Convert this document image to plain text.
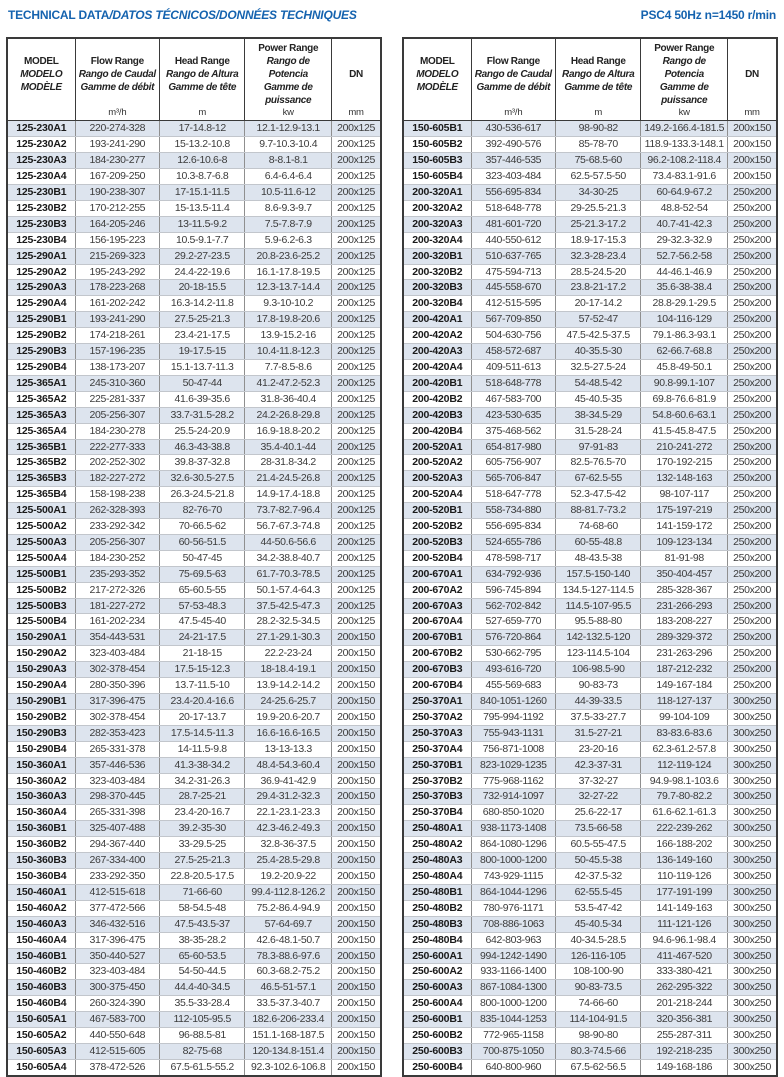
TECHNICAL DATA/DATOS TÉCNICOS/DONNÉES TECHNIQUES	PSC4 50Hz n=1450 r/min
MODEL
MODELO
MODÈLE

Flow Range
Rango de Caudal
Gamme de débit
m³/h

Head Range
Rango de Altura
Gamme de tête
m

Power Range
Rango de Potencia
Gamme de puissance
kw

DN
mm

125-230A1	220-274-328	17-14.8-12	12.1-12.9-13.1	200x125
125-230A2	193-241-290	15-13.2-10.8	9.7-10.3-10.4	200x125
125-230A3	184-230-277	12.6-10.6-8	8-8.1-8.1	200x125
125-230A4	167-209-250	10.3-8.7-6.8	6.4-6.4-6.4	200x125
125-230B1	190-238-307	17-15.1-11.5	10.5-11.6-12	200x125
125-230B2	170-212-255	15-13.5-11.4	8.6-9.3-9.7	200x125
125-230B3	164-205-246	13-11.5-9.2	7.5-7.8-7.9	200x125
125-230B4	156-195-223	10.5-9.1-7.7	5.9-6.2-6.3	200x125
125-290A1	215-269-323	29.2-27-23.5	20.8-23.6-25.2	200x125
125-290A2	195-243-292	24.4-22-19.6	16.1-17.8-19.5	200x125
125-290A3	178-223-268	20-18-15.5	12.3-13.7-14.4	200x125
125-290A4	161-202-242	16.3-14.2-11.8	9.3-10-10.2	200x125
125-290B1	193-241-290	27.5-25-21.3	17.8-19.8-20.6	200x125
125-290B2	174-218-261	23.4-21-17.5	13.9-15.2-16	200x125
125-290B3	157-196-235	19-17.5-15	10.4-11.8-12.3	200x125
125-290B4	138-173-207	15.1-13.7-11.3	7.7-8.5-8.6	200x125
125-365A1	245-310-360	50-47-44	41.2-47.2-52.3	200x125
125-365A2	225-281-337	41.6-39-35.6	31.8-36-40.4	200x125
125-365A3	205-256-307	33.7-31.5-28.2	24.2-26.8-29.8	200x125
125-365A4	184-230-278	25.5-24-20.9	16.9-18.8-20.2	200x125
125-365B1	222-277-333	46.3-43-38.8	35.4-40.1-44	200x125
125-365B2	202-252-302	39.8-37-32.8	28-31.8-34.2	200x125
125-365B3	182-227-272	32.6-30.5-27.5	21.4-24.5-26.8	200x125
125-365B4	158-198-238	26.3-24.5-21.8	14.9-17.4-18.8	200x125
125-500A1	262-328-393	82-76-70	73.7-82.7-96.4	200x125
125-500A2	233-292-342	70-66.5-62	56.7-67.3-74.8	200x125
125-500A3	205-256-307	60-56-51.5	44-50.6-56.6	200x125
125-500A4	184-230-252	50-47-45	34.2-38.8-40.7	200x125
125-500B1	235-293-352	75-69.5-63	61.7-70.3-78.5	200x125
125-500B2	217-272-326	65-60.5-55	50.1-57.4-64.3	200x125
125-500B3	181-227-272	57-53-48.3	37.5-42.5-47.3	200x125
125-500B4	161-202-234	47.5-45-40	28.2-32.5-34.5	200x125
150-290A1	354-443-531	24-21-17.5	27.1-29.1-30.3	200x150
150-290A2	323-403-484	21-18-15	22.2-23-24	200x150
150-290A3	302-378-454	17.5-15-12.3	18-18.4-19.1	200x150
150-290A4	280-350-396	13.7-11.5-10	13.9-14.2-14.2	200x150
150-290B1	317-396-475	23.4-20.4-16.6	24-25.6-25.7	200x150
150-290B2	302-378-454	20-17-13.7	19.9-20.6-20.7	200x150
150-290B3	282-353-423	17.5-14.5-11.3	16.6-16.6-16.5	200x150
150-290B4	265-331-378	14-11.5-9.8	13-13-13.3	200x150
150-360A1	357-446-536	41.3-38-34.2	48.4-54.3-60.4	200x150
150-360A2	323-403-484	34.2-31-26.3	36.9-41-42.9	200x150
150-360A3	298-370-445	28.7-25-21	29.4-31.2-32.3	200x150
150-360A4	265-331-398	23.4-20-16.7	22.1-23.1-23.3	200x150
150-360B1	325-407-488	39.2-35-30	42.3-46.2-49.3	200x150
150-360B2	294-367-440	33-29.5-25	32.8-36-37.5	200x150
150-360B3	267-334-400	27.5-25-21.3	25.4-28.5-29.8	200x150
150-360B4	233-292-350	22.8-20.5-17.5	19.2-20.9-22	200x150
150-460A1	412-515-618	71-66-60	99.4-112.8-126.2	200x150
150-460A2	377-472-566	58-54.5-48	75.2-86.4-94.9	200x150
150-460A3	346-432-516	47.5-43.5-37	57-64-69.7	200x150
150-460A4	317-396-475	38-35-28.2	42.6-48.1-50.7	200x150
150-460B1	350-440-527	65-60-53.5	78.3-88.6-97.6	200x150
150-460B2	323-403-484	54-50-44.5	60.3-68.2-75.2	200x150
150-460B3	300-375-450	44.4-40-34.5	46.5-51-57.1	200x150
150-460B4	260-324-390	35.5-33-28.4	33.5-37.3-40.7	200x150
150-605A1	467-583-700	112-105-95.5	182.6-206-233.4	200x150
150-605A2	440-550-648	96-88.5-81	151.1-168-187.5	200x150
150-605A3	412-515-605	82-75-68	120-134.8-151.4	200x150
150-605A4	378-472-526	67.5-61.5-55.2	92.3-102.6-106.8	200x150
MODEL
MODELO
MODÈLE

Flow Range
Rango de Caudal
Gamme de débit
m³/h

Head Range
Rango de Altura
Gamme de tête
m

Power Range
Rango de Potencia
Gamme de puissance
kw

DN
mm

150-605B1	430-536-617	98-90-82	149.2-166.4-181.5	200x150
150-605B2	392-490-576	85-78-70	118.9-133.3-148.1	200x150
150-605B3	357-446-535	75-68.5-60	96.2-108.2-118.4	200x150
150-605B4	323-403-484	62.5-57.5-50	73.4-83.1-91.6	200x150
200-320A1	556-695-834	34-30-25	60-64.9-67.2	250x200
200-320A2	518-648-778	29-25.5-21.3	48.8-52-54	250x200
200-320A3	481-601-720	25-21.3-17.2	40.7-41-42.3	250x200
200-320A4	440-550-612	18.9-17-15.3	29-32.3-32.9	250x200
200-320B1	510-637-765	32.3-28-23.4	52.7-56.2-58	250x200
200-320B2	475-594-713	28.5-24.5-20	44-46.1-46.9	250x200
200-320B3	445-558-670	23.8-21-17.2	35.6-38-38.4	250x200
200-320B4	412-515-595	20-17-14.2	28.8-29.1-29.5	250x200
200-420A1	567-709-850	57-52-47	104-116-129	250x200
200-420A2	504-630-756	47.5-42.5-37.5	79.1-86.3-93.1	250x200
200-420A3	458-572-687	40-35.5-30	62-66.7-68.8	250x200
200-420A4	409-511-613	32.5-27.5-24	45.8-49-50.1	250x200
200-420B1	518-648-778	54-48.5-42	90.8-99.1-107	250x200
200-420B2	467-583-700	45-40.5-35	69.8-76.6-81.9	250x200
200-420B3	423-530-635	38-34.5-29	54.8-60.6-63.1	250x200
200-420B4	375-468-562	31.5-28-24	41.5-45.8-47.5	250x200
200-520A1	654-817-980	97-91-83	210-241-272	250x200
200-520A2	605-756-907	82.5-76.5-70	170-192-215	250x200
200-520A3	565-706-847	67-62.5-55	132-148-163	250x200
200-520A4	518-647-778	52.3-47.5-42	98-107-117	250x200
200-520B1	558-734-880	88-81.7-73.2	175-197-219	250x200
200-520B2	556-695-834	74-68-60	141-159-172	250x200
200-520B3	524-655-786	60-55-48.8	109-123-134	250x200
200-520B4	478-598-717	48-43.5-38	81-91-98	250x200
200-670A1	634-792-936	157.5-150-140	350-404-457	250x200
200-670A2	596-745-894	134.5-127-114.5	285-328-367	250x200
200-670A3	562-702-842	114.5-107-95.5	231-266-293	250x200
200-670A4	527-659-770	95.5-88-80	183-208-227	250x200
200-670B1	576-720-864	142-132.5-120	289-329-372	250x200
200-670B2	530-662-795	123-114.5-104	231-263-296	250x200
200-670B3	493-616-720	106-98.5-90	187-212-232	250x200
200-670B4	455-569-683	90-83-73	149-167-184	250x200
250-370A1	840-1051-1260	44-39-33.5	118-127-137	300x250
250-370A2	795-994-1192	37.5-33-27.7	99-104-109	300x250
250-370A3	755-943-1131	31.5-27-21	83-83.6-83.6	300x250
250-370A4	756-871-1008	23-20-16	62.3-61.2-57.8	300x250
250-370B1	823-1029-1235	42.3-37-31	112-119-124	300x250
250-370B2	775-968-1162	37-32-27	94.9-98.1-103.6	300x250
250-370B3	732-914-1097	32-27-22	79.7-80-82.2	300x250
250-370B4	680-850-1020	25.6-22-17	61.6-62.1-61.3	300x250
250-480A1	938-1173-1408	73.5-66-58	222-239-262	300x250
250-480A2	864-1080-1296	60.5-55-47.5	166-188-202	300x250
250-480A3	800-1000-1200	50-45.5-38	136-149-160	300x250
250-480A4	743-929-1115	42-37.5-32	110-119-126	300x250
250-480B1	864-1044-1296	62-55.5-45	177-191-199	300x250
250-480B2	780-976-1171	53.5-47-42	141-149-163	300x250
250-480B3	708-886-1063	45-40.5-34	111-121-126	300x250
250-480B4	642-803-963	40-34.5-28.5	94.6-96.1-98.4	300x250
250-600A1	994-1242-1490	126-116-105	411-467-520	300x250
250-600A2	933-1166-1400	108-100-90	333-380-421	300x250
250-600A3	867-1084-1300	90-83-73.5	262-295-322	300x250
250-600A4	800-1000-1200	74-66-60	201-218-244	300x250
250-600B1	835-1044-1253	114-104-91.5	320-356-381	300x250
250-600B2	772-965-1158	98-90-80	255-287-311	300x250
250-600B3	700-875-1050	80.3-74.5-66	192-218-235	300x250
250-600B4	640-800-960	67.5-62-56.5	149-168-186	300x250
